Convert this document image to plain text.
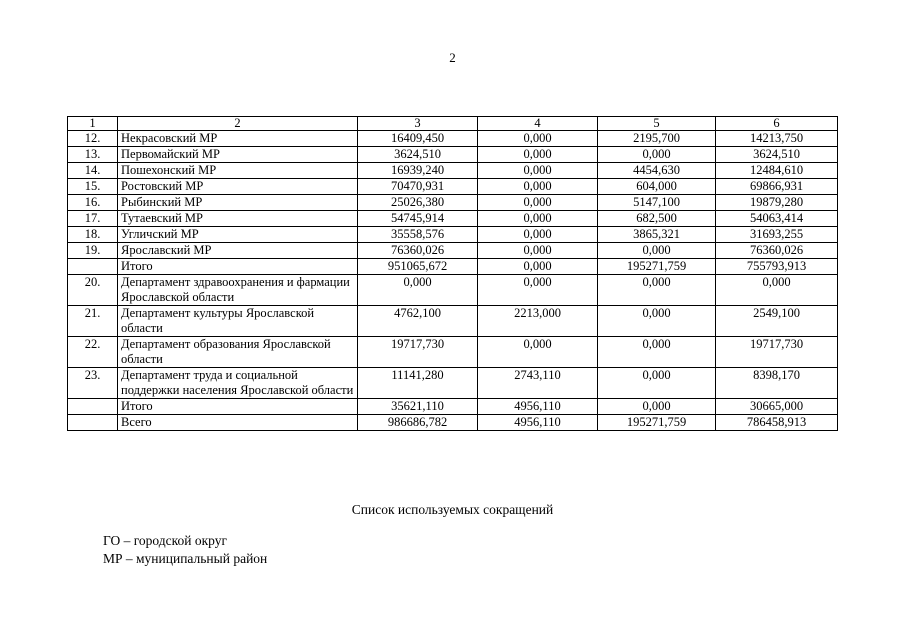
2
1	2	3	4	5	6
12.	Некрасовский МР	16409,450	0,000	2195,700	14213,750
13.	Первомайский МР	3624,510	0,000	0,000	3624,510
14.	Пошехонский МР	16939,240	0,000	4454,630	12484,610
15.	Ростовский МР	70470,931	0,000	604,000	69866,931
16.	Рыбинский МР	25026,380	0,000	5147,100	19879,280
17.	Тутаевский МР	54745,914	0,000	682,500	54063,414
18.	Угличский МР	35558,576	0,000	3865,321	31693,255
19.	Ярославский МР	76360,026	0,000	0,000	76360,026
	Итого	951065,672	0,000	195271,759	755793,913
20.	Департамент здравоохранения и фармации Ярославской области	0,000	0,000	0,000	0,000
21.	Департамент культуры Ярославской области	4762,100	2213,000	0,000	2549,100
22.	Департамент образования Ярославской области	19717,730	0,000	0,000	19717,730
23.	Департамент труда и социальной поддержки населения Ярославской области	11141,280	2743,110	0,000	8398,170
	Итого	35621,110	4956,110	0,000	30665,000
	Всего	986686,782	4956,110	195271,759	786458,913
Список используемых сокращений
ГО – городской округ
МР – муниципальный район
